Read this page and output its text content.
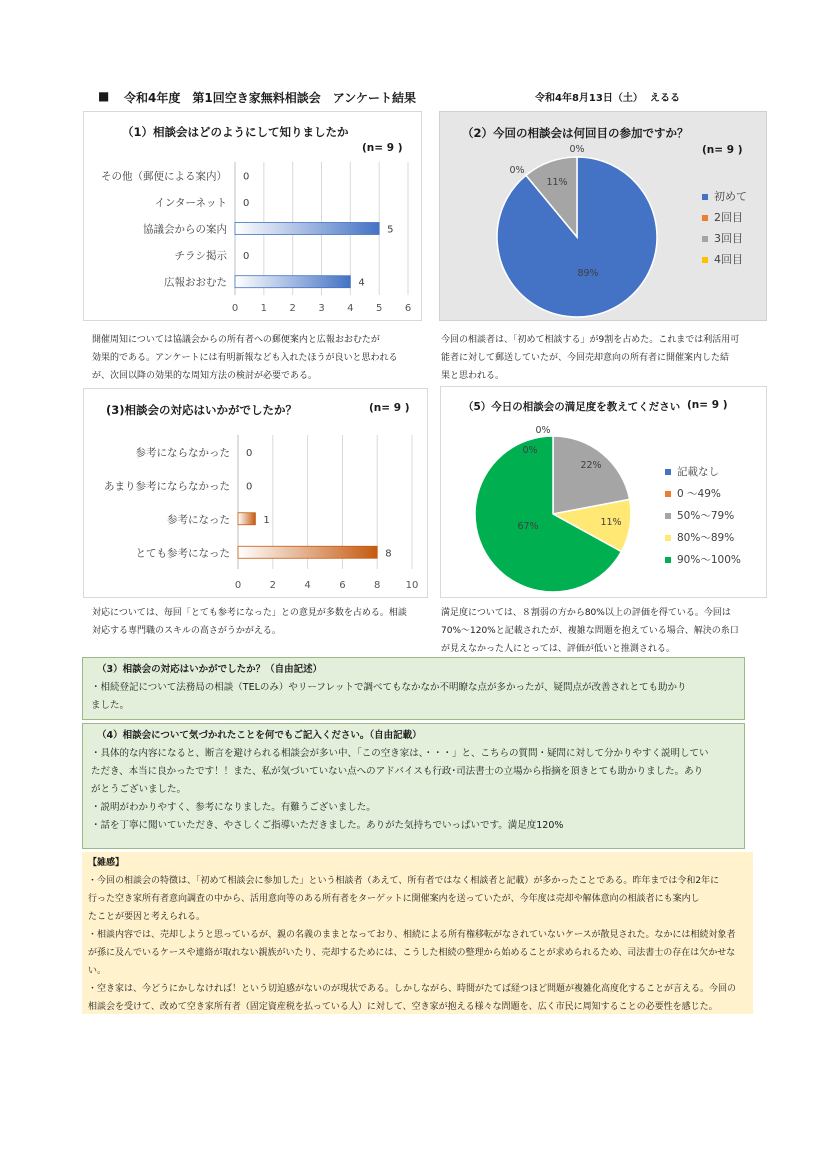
■ 令和4年度　第1回空き家無料相談会　アンケート結果	令和4年8月13日（土） えるる
（1）相談会はどのようにして知りましたか
(n= 9 )
0 1 2 3 4 5 6
その他（郵便による案内） 0
インターネット 0
協議会からの案内	5
チラシ掲示 0
広報おおむた	4
（2）今回の相談会は何回目の参加ですか？
(n= 9 )
89%
0%
11%
0%
初めて
2回目
3回目
4回目
開催周知については協議会からの所有者への郵便案内と広報おおむたが
効果的である。アンケートには有明新報なども入れたほうが良いと思われる
が、次回以降の効果的な周知方法の検討が必要である。
今回の相談者は、「初めて相談する」が9割を占めた。これまでは利活用可
能者に対して郵送していたが、今回売却意向の所有者に開催案内した結
果と思われる。
(3)相談会の対応はいかがでしたか？	(n= 9 )
0	2	4	6	8	10
参考にならなかった 0
あまり参考にならなかった 0
参考になった	1
とても参考になった	8
（5）今日の相談会の満足度を教えてください (n= 9 )
0%
0%
22%
11%
67%
記載なし
0 〜49%
50%〜79%
80%〜89%
90%〜100%
対応については、毎回「とても参考になった」との意見が多数を占める。相談
対応する専門職のスキルの高さがうかがえる。
満足度については、８割弱の方から80%以上の評価を得ている。今回は
70%〜120%と記載されたが、複雑な問題を抱えている場合、解決の糸口
が見えなかった人にとっては、評価が低いと推測される。
（3）相談会の対応はいかがでしたか？（自由記述）
・相続登記について法務局の相談（TELのみ）やリーフレットで調べてもなかなか不明瞭な点が多かったが、疑問点が改善されとても助かり
ました。
（4）相談会について気づかれたことを何でもご記入ください。（自由記載）
・具体的な内容になると、断言を避けられる相談会が多い中、「この空き家は、・・・」と、こちらの質問・疑問に対して分かりやすく説明してい
ただき、本当に良かったです！！また、私が気づいていない点へのアドバイスも行政･司法書士の立場から指摘を頂きとても助かりました。あり
がとうございました。
・説明がわかりやすく、参考になりました。有難うございました。
・話を丁寧に聞いていただき、やさしくご指導いただきました。ありがた気持ちでいっぱいです。満足度120%
【雑感】
・今回の相談会の特徴は、「初めて相談会に参加した」という相談者（あえて、所有者ではなく相談者と記載）が多かったことである。昨年までは令和2年に
行った空き家所有者意向調査の中から、活用意向等のある所有者をターゲットに開催案内を送っていたが、今年度は売却や解体意向の相談者にも案内し
たことが要因と考えられる。
・相談内容では、売却しようと思っているが、親の名義のままとなっており、相続による所有権移転がなされていないケースが散見された。なかには相続対象者
が孫に及んでいるケースや連絡が取れない親族がいたり、売却するためには、こうした相続の整理から始めることが求められるため、司法書士の存在は欠かせな
い。
・空き家は、今どうにかしなければ！という切迫感がないのが現状である。しかしながら、時間がたてば経つほど問題が複雑化高度化することが言える。今回の
相談会を受けて、改めて空き家所有者（固定資産税を払っている人）に対して、空き家が抱える様々な問題を、広く市民に周知することの必要性を感じた。
